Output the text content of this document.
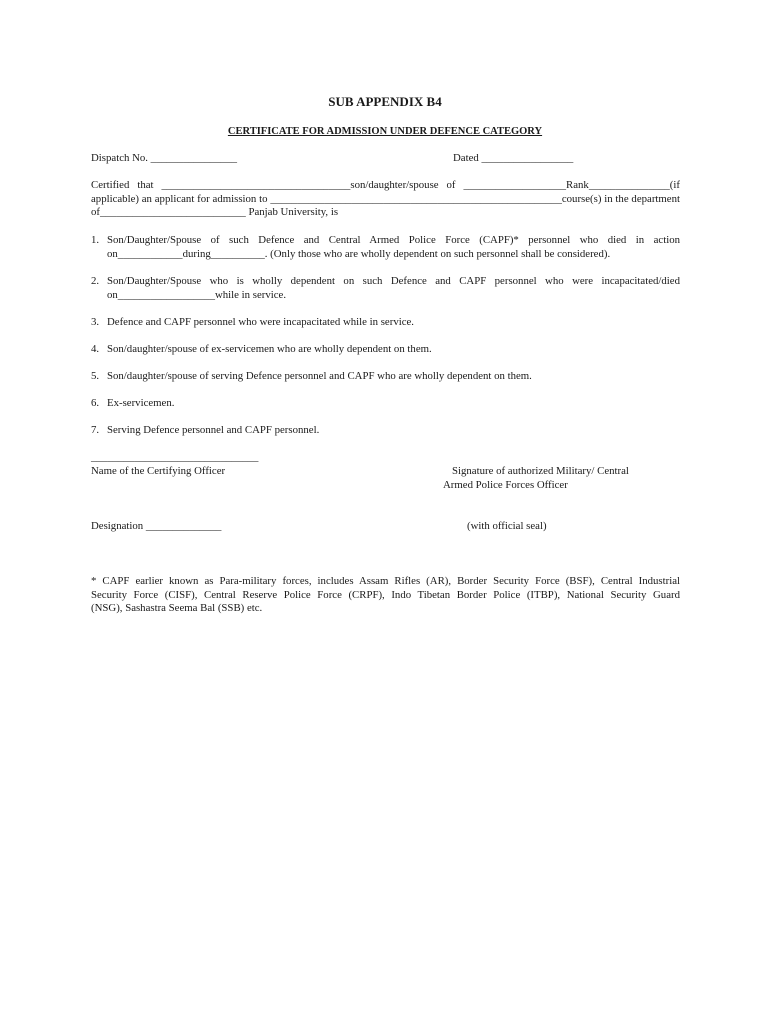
SUB APPENDIX B4
CERTIFICATE FOR ADMISSION UNDER DEFENCE CATEGORY
Dispatch No. ________________	Dated _________________
Certified that ___________________________________son/daughter/spouse of ___________________Rank_______________(if
applicable) an applicant for admission to ______________________________________________________course(s) in the department
of___________________________ Panjab University, is
1. Son/Daughter/Spouse of such Defence and Central Armed Police Force (CAPF)* personnel who died in action
on____________during__________. (Only those who are wholly dependent on such personnel shall be considered).
2. Son/Daughter/Spouse who is wholly dependent on such Defence and CAPF personnel who were incapacitated/died
on__________________while in service.
3. Defence and CAPF personnel who were incapacitated while in service.
4. Son/daughter/spouse of ex-servicemen who are wholly dependent on them.
5. Son/daughter/spouse of serving Defence personnel and CAPF who are wholly dependent on them.
6. Ex-servicemen.
7. Serving Defence personnel and CAPF personnel.
_______________________________
Name of the Certifying Officer	Signature of authorized Military/ Central
Armed Police Forces Officer
Designation ______________	(with official seal)
* CAPF earlier known as Para-military forces, includes Assam Rifles (AR), Border Security Force (BSF), Central Industrial
Security Force (CISF), Central Reserve Police Force (CRPF), Indo Tibetan Border Police (ITBP), National Security Guard
(NSG), Sashastra Seema Bal (SSB) etc.
